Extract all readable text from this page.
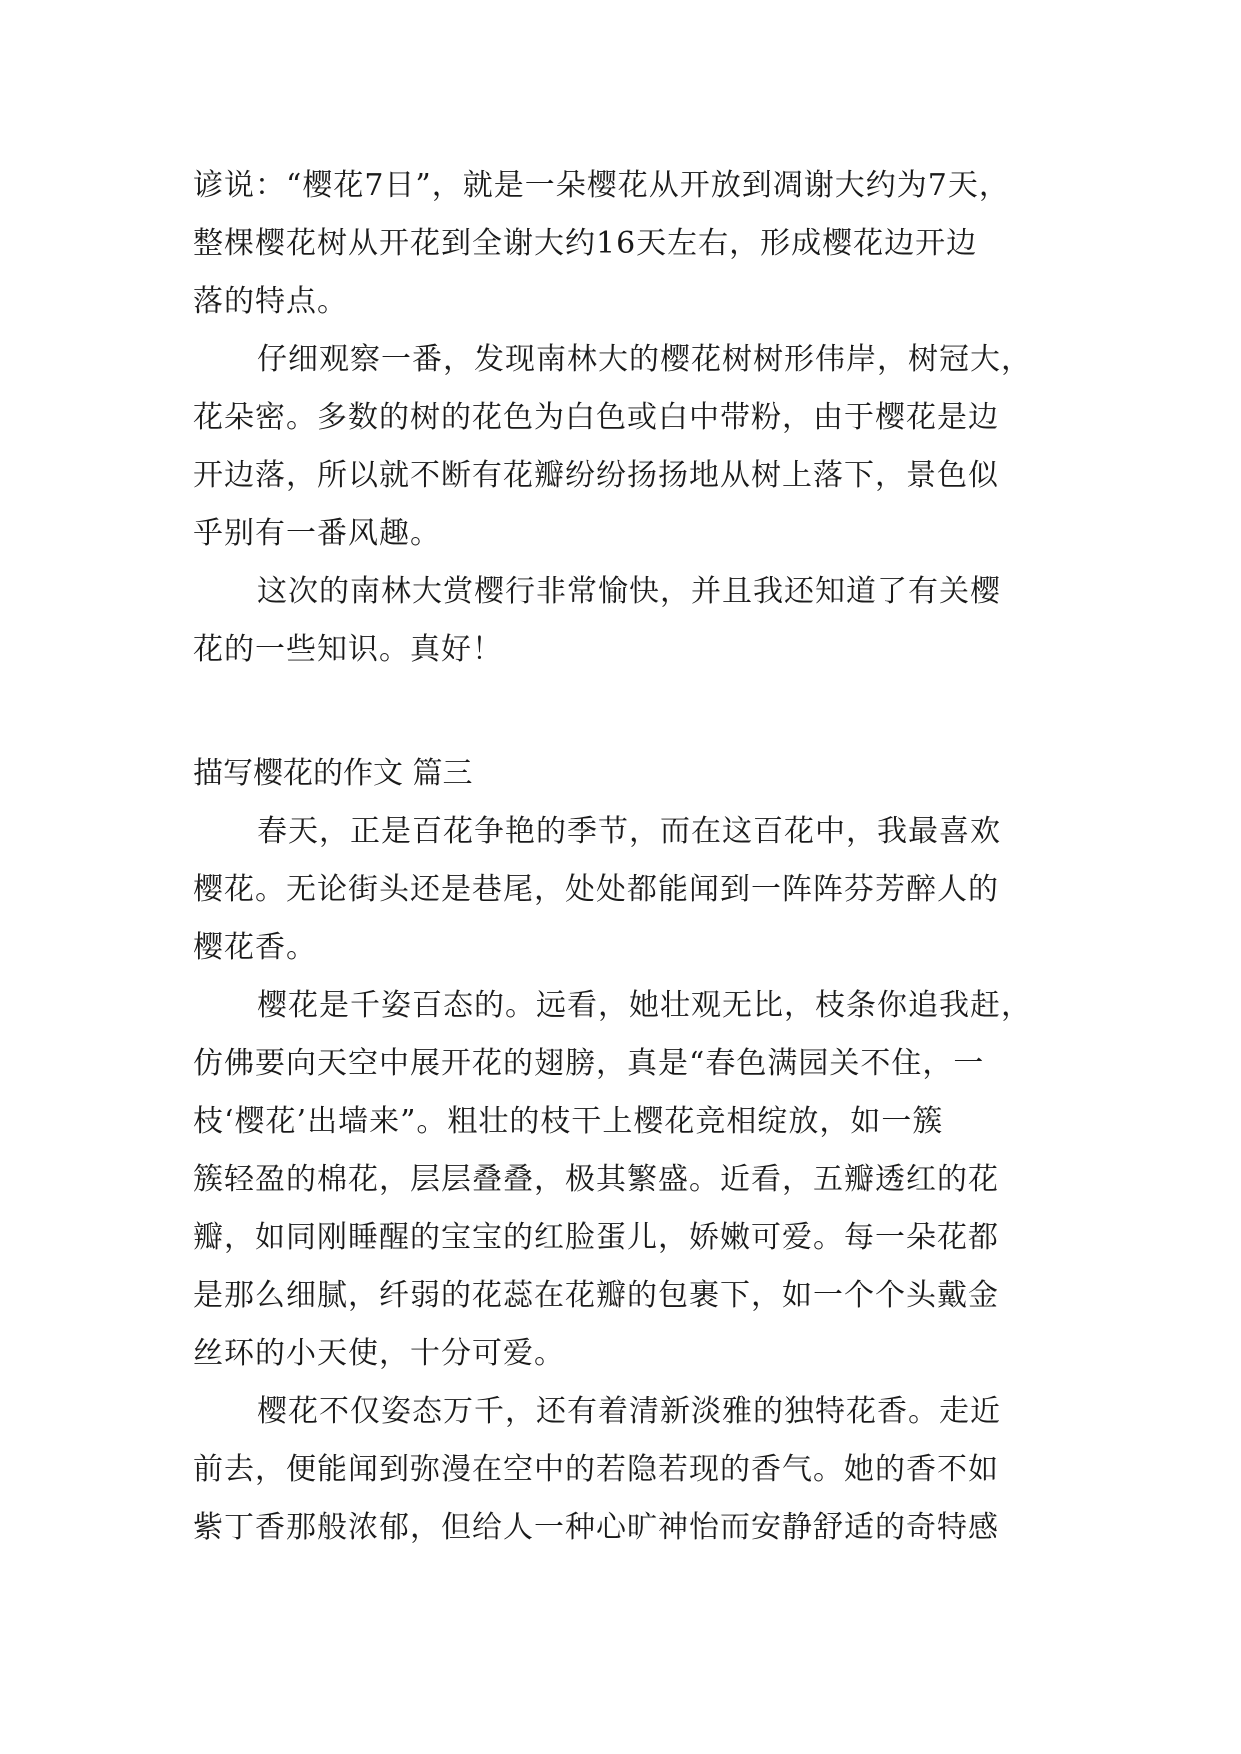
谚说：“樱花7日”，就是一朵樱花从开放到凋谢大约为7天，
整棵樱花树从开花到全谢大约16天左右，形成樱花边开边
落的特点。
仔细观察一番，发现南林大的樱花树树形伟岸，树冠大，
花朵密。多数的树的花色为白色或白中带粉，由于樱花是边
开边落，所以就不断有花瓣纷纷扬扬地从树上落下，景色似
乎别有一番风趣。
这次的南林大赏樱行非常愉快，并且我还知道了有关樱
花的一些知识。真好！
描写樱花的作文 篇三
春天，正是百花争艳的季节，而在这百花中，我最喜欢
樱花。无论街头还是巷尾，处处都能闻到一阵阵芬芳醉人的
樱花香。
樱花是千姿百态的。远看，她壮观无比，枝条你追我赶，
仿佛要向天空中展开花的翅膀，真是“春色满园关不住，一
枝‘樱花’出墙来”。粗壮的枝干上樱花竞相绽放，如一簇
簇轻盈的棉花，层层叠叠，极其繁盛。近看，五瓣透红的花
瓣，如同刚睡醒的宝宝的红脸蛋儿，娇嫩可爱。每一朵花都
是那么细腻，纤弱的花蕊在花瓣的包裹下，如一个个头戴金
丝环的小天使，十分可爱。
樱花不仅姿态万千，还有着清新淡雅的独特花香。走近
前去，便能闻到弥漫在空中的若隐若现的香气。她的香不如
紫丁香那般浓郁，但给人一种心旷神怡而安静舒适的奇特感
